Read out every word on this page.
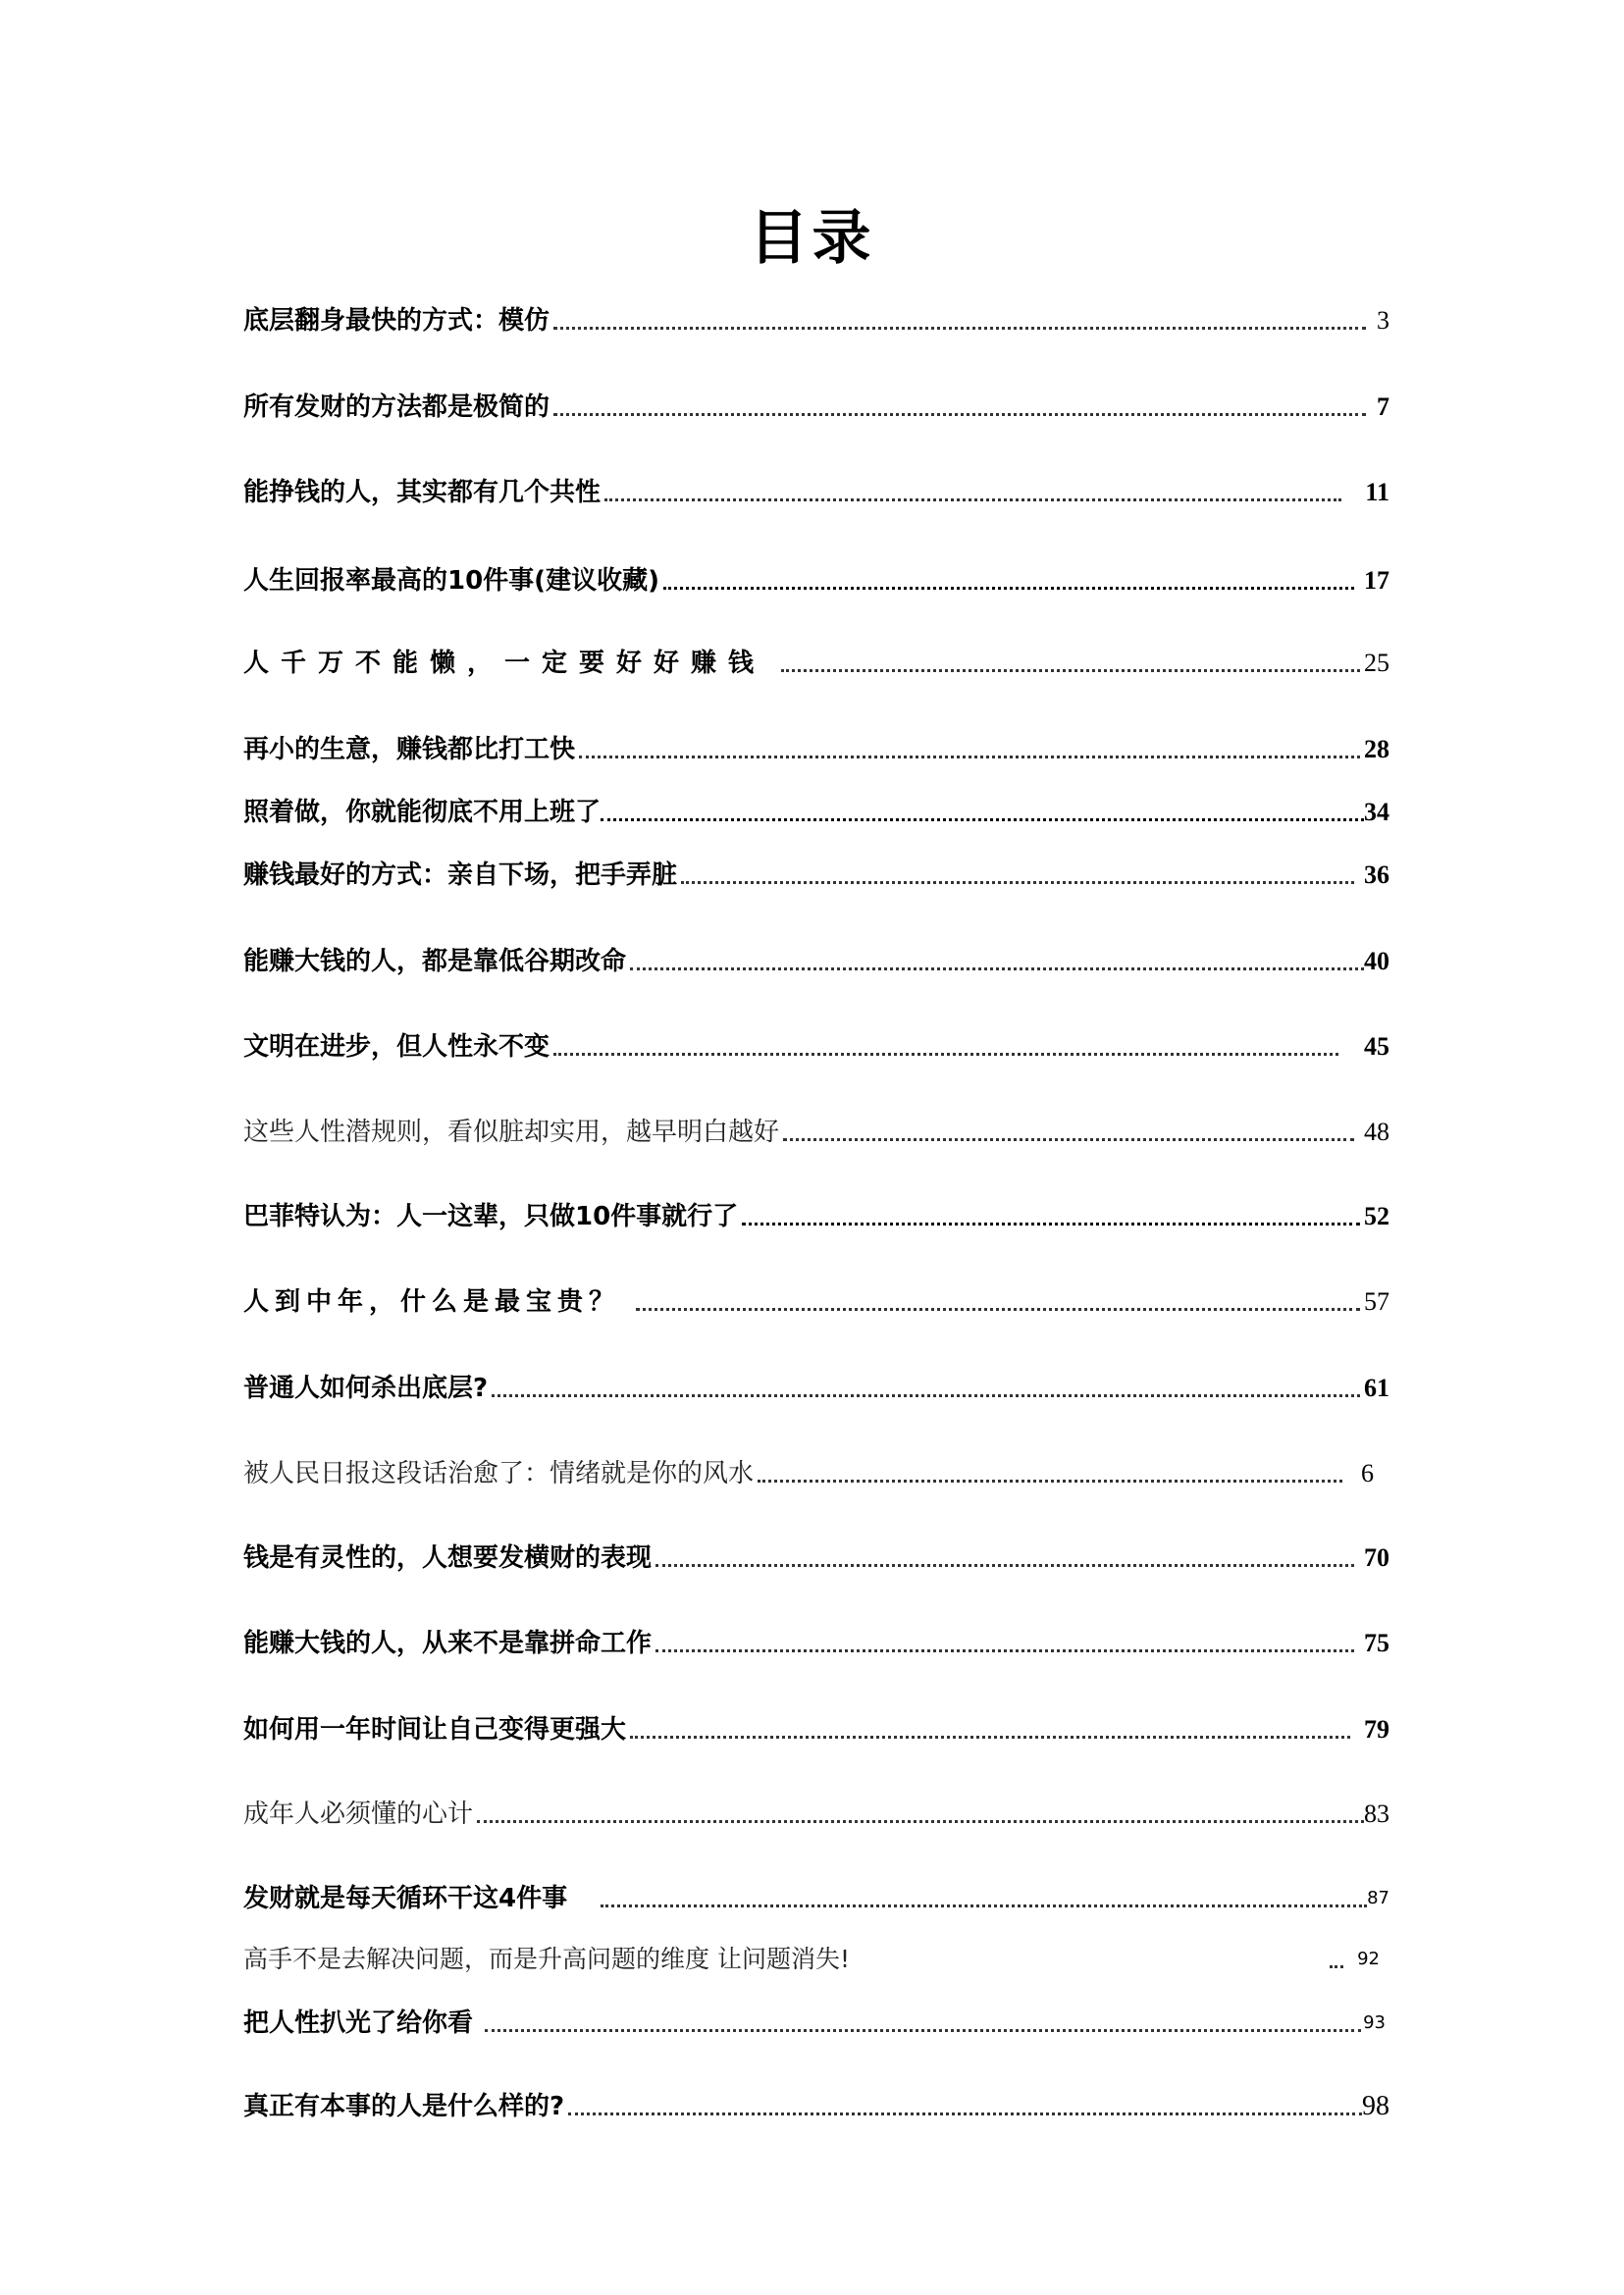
目录
底层翻身最快的方式：模仿	3
所有发财的方法都是极简的	7
能挣钱的人，其实都有几个共性	11
人生回报率最高的10件事(建议收藏)	17
人千万不能懒，一定要好好赚钱	25
再小的生意，赚钱都比打工快	28
照着做，你就能彻底不用上班了	34
赚钱最好的方式：亲自下场，把手弄脏	36
能赚大钱的人，都是靠低谷期改命	40
文明在进步，但人性永不变	45
这些人性潜规则，看似脏却实用，越早明白越好	48
巴菲特认为：人一这辈，只做10件事就行了	52
人到中年，什么是最宝贵？	57
普通人如何杀出底层?	61
被人民日报这段话治愈了：情绪就是你的风水	6
钱是有灵性的，人想要发横财的表现	70
能赚大钱的人，从来不是靠拼命工作	75
如何用一年时间让自己变得更强大	79
成年人必须懂的心计	83
发财就是每天循环干这4件事	87
高手不是去解决问题，而是升高问题的维度 让问题消失!	92
把人性扒光了给你看	93
真正有本事的人是什么样的?	98
